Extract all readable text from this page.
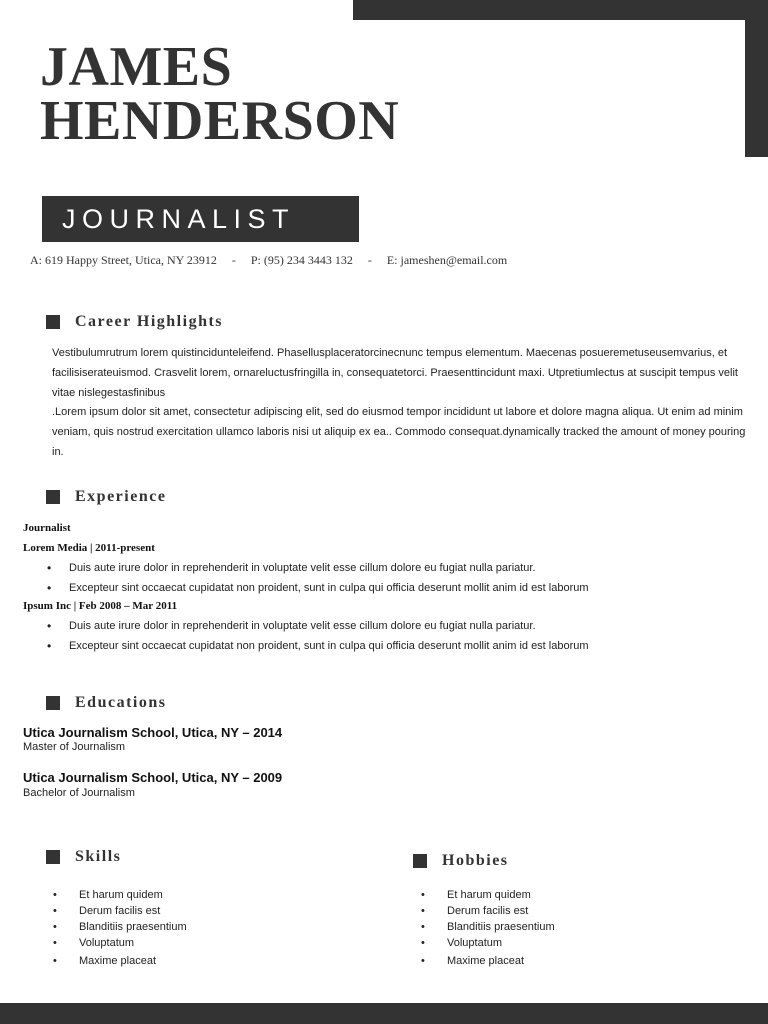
JAMES
HENDERSON
JOURNALIST
A: 619 Happy Street, Utica, NY 23912 - P: (95) 234 3443 132 - E: jameshen@email.com
Career Highlights

Vestibulumrutrum lorem quistincidunteleifend. Phasellusplaceratorcinecnunc tempus elementum. Maecenas posueremetuseusemvarius, et facilisiserateuismod. Crasvelit lorem, ornareluctusfringilla in, consequatetorci. Praesenttincidunt maxi. Utpretiumlectus at suscipit tempus velit vitae nislegestasfinibus

.Lorem ipsum dolor sit amet, consectetur adipiscing elit, sed do eiusmod tempor incididunt ut labore et dolore magna aliqua. Ut enim ad minim veniam, quis nostrud exercitation ullamco laboris nisi ut aliquip ex ea.. Commodo consequat.dynamically tracked the amount of money pouring in.

Experience

Journalist

Lorem Media | 2011-present

•	Duis aute irure dolor in reprehenderit in voluptate velit esse cillum dolore eu fugiat nulla pariatur.
•	Excepteur sint occaecat cupidatat non proident, sunt in culpa qui officia deserunt mollit anim id est laborum

Ipsum Inc | Feb 2008 – Mar 2011

•	Duis aute irure dolor in reprehenderit in voluptate velit esse cillum dolore eu fugiat nulla pariatur.
•	Excepteur sint occaecat cupidatat non proident, sunt in culpa qui officia deserunt mollit anim id est laborum
Educations

Utica Journalism School, Utica, NY – 2014

Master of Journalism

Utica Journalism School, Utica, NY – 2009

Bachelor of Journalism

Skills
•	Et harum quidem
•	Derum facilis est
•	Blanditiis praesentium
•	Voluptatum
•	Maxime placeat
Hobbies
•	Et harum quidem
•	Derum facilis est
•	Blanditiis praesentium
•	Voluptatum
•	Maxime placeat
